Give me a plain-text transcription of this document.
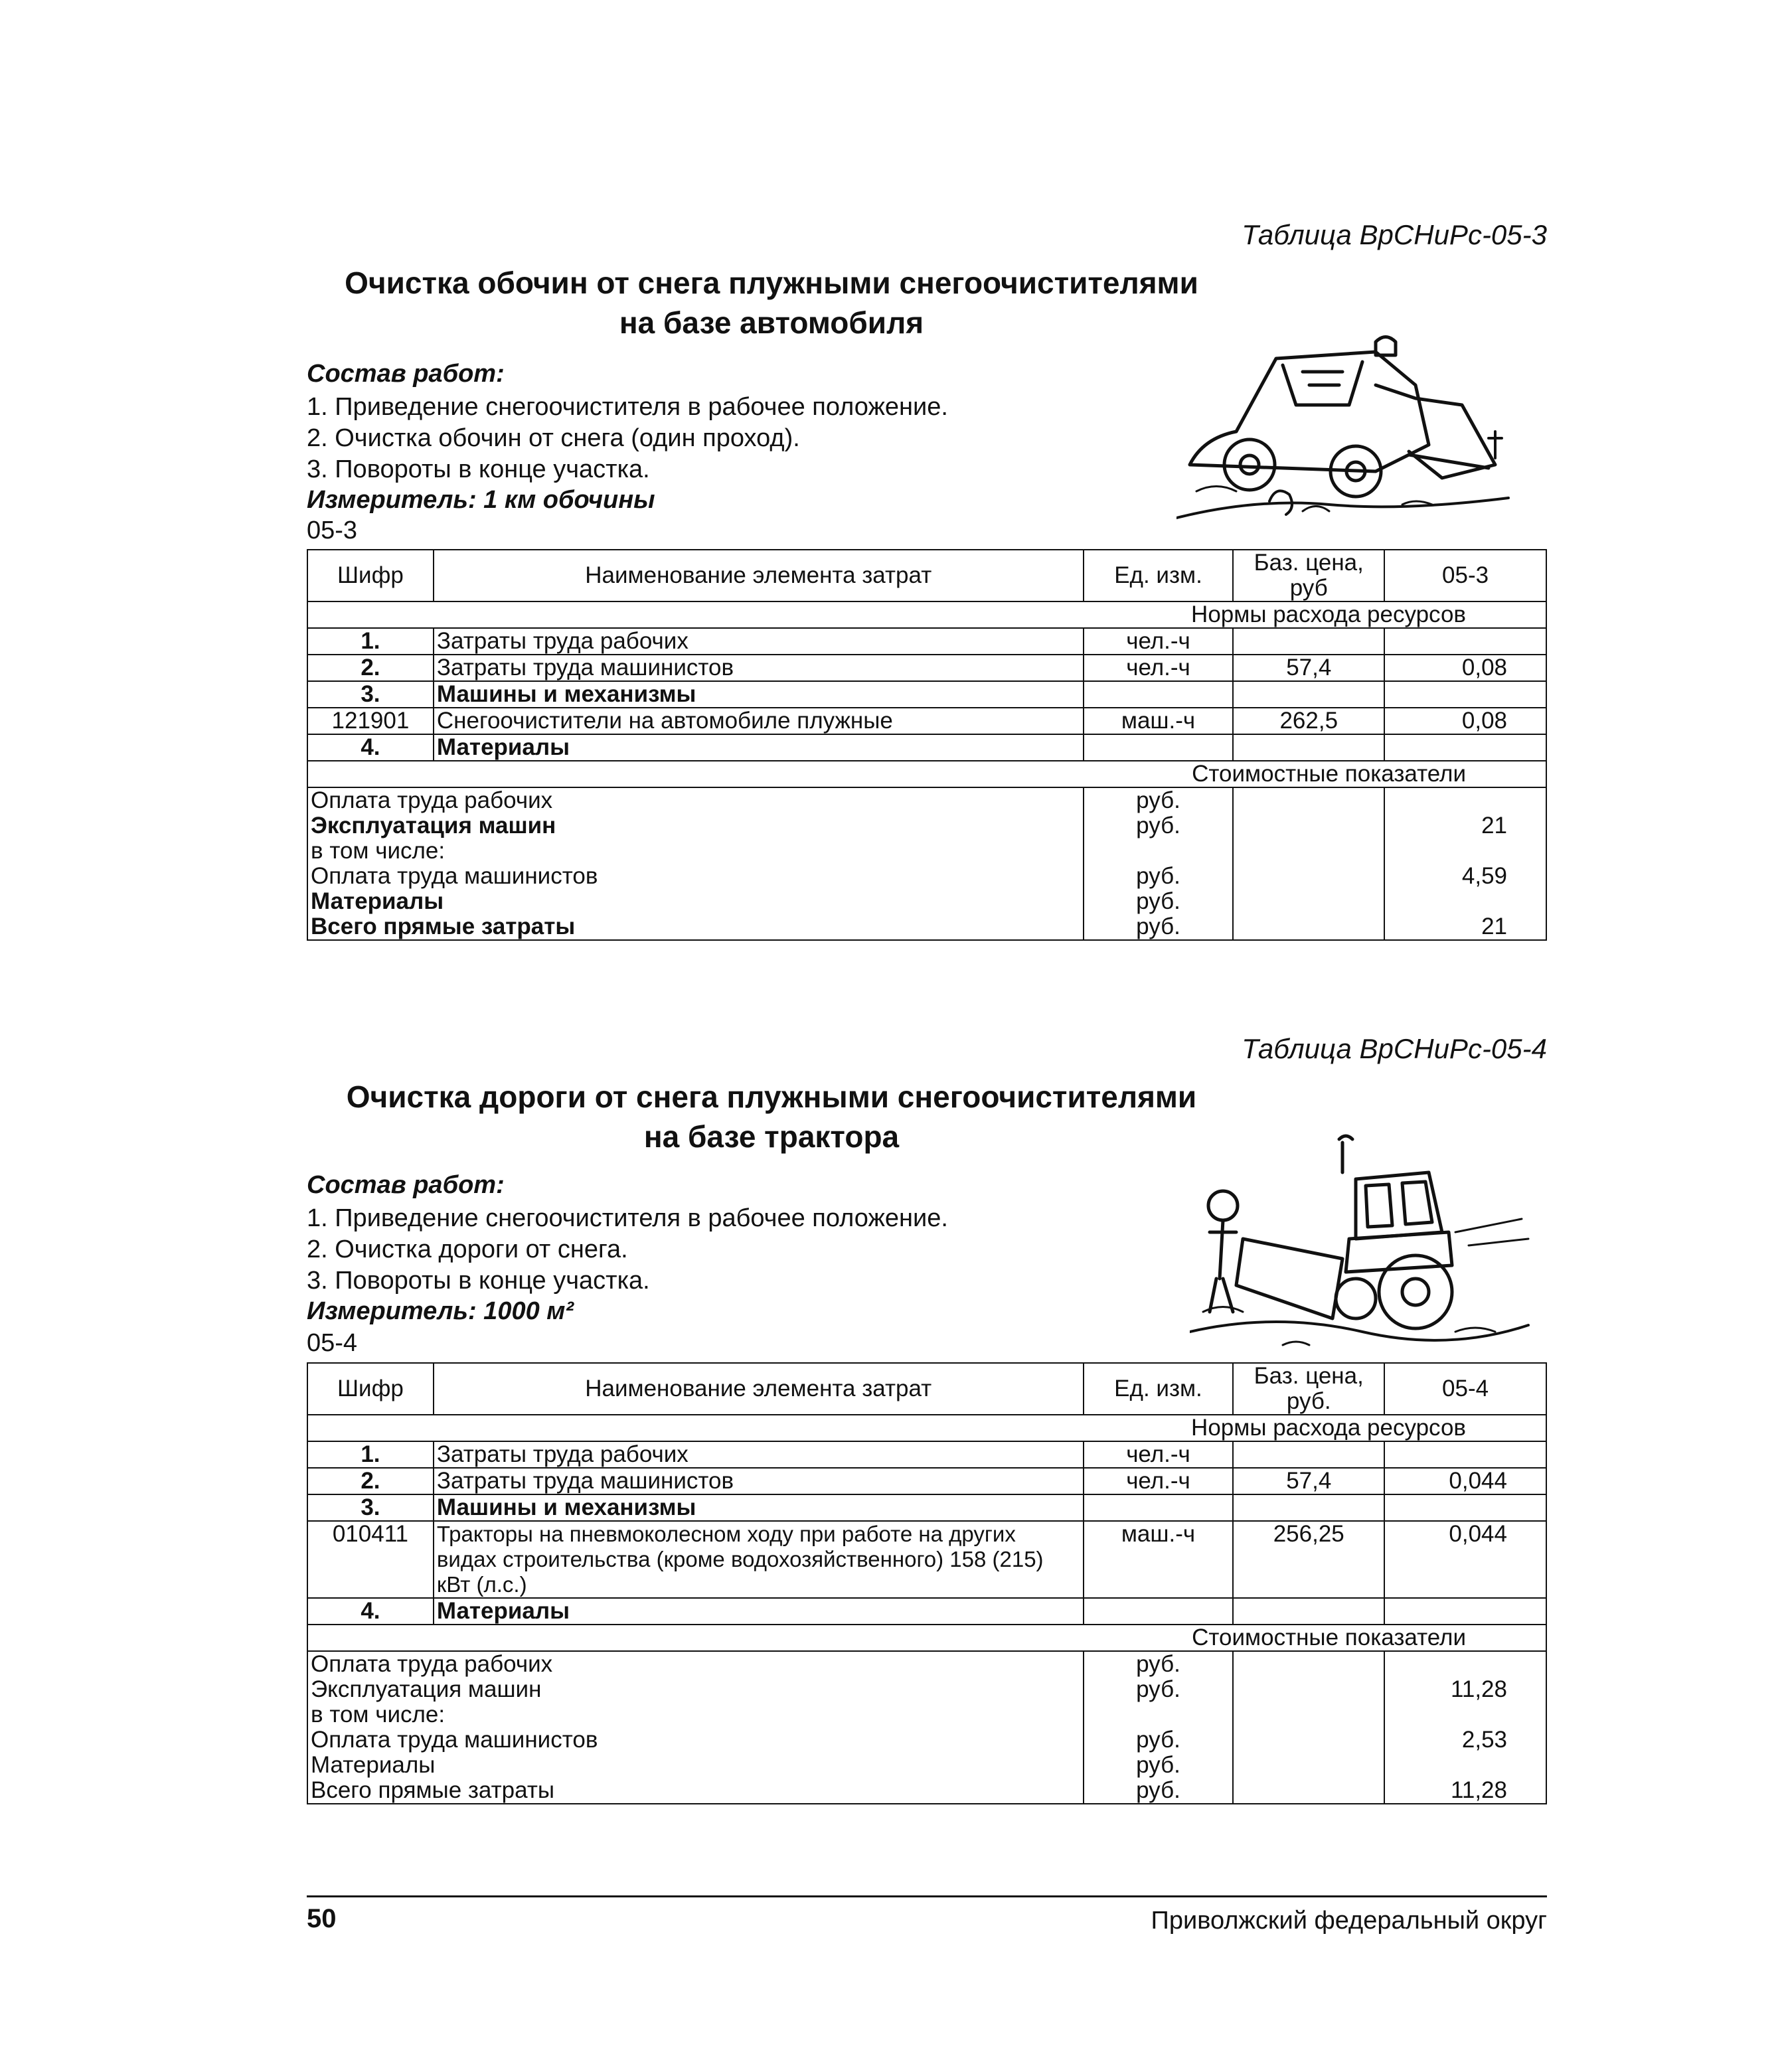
Таблица ВрСНиРс-05-3
Очистка обочин от снега плужными снегоочистителями
на базе автомобиля
Состав работ:
1. Приведение снегоочистителя в рабочее положение.
2. Очистка обочин от снега (один проход).
3. Повороты в конце участка.
Измеритель: 1 км обочины
05-3
Шифр	Наименование элемента затрат	Ед. изм.	Баз. цена, руб	05-3
Нормы расхода ресурсов				
1.	Затраты труда рабочих	чел.-ч		
2.	Затраты труда машинистов	чел.-ч	57,4	0,08
3.	Машины и механизмы			
121901	Снегоочистители на автомобиле плужные	маш.-ч	262,5	0,08
4.	Материалы			
Стоимостные показатели				
Оплата труда рабочих		руб.		
Эксплуатация машин		руб.		21
в том числе:				
Оплата труда машинистов		руб.		4,59
Материалы		руб.		
Всего прямые затраты		руб.		21
Таблица ВрСНиРс-05-4
Очистка дороги от снега плужными снегоочистителями
на базе трактора
Состав работ:
1. Приведение снегоочистителя в рабочее положение.
2. Очистка дороги от снега.
3. Повороты в конце участка.
Измеритель: 1000 м²
05-4
Шифр	Наименование элемента затрат	Ед. изм.	Баз. цена, руб.	05-4
Нормы расхода ресурсов				
1.	Затраты труда рабочих	чел.-ч		
2.	Затраты труда машинистов	чел.-ч	57,4	0,044
3.	Машины и механизмы			
010411	Тракторы на пневмоколесном ходу при работе на других видах строительства (кроме водохозяйственного) 158 (215) кВт (л.с.)	маш.-ч	256,25	0,044
4.	Материалы			
Стоимостные показатели				
Оплата труда рабочих		руб.		
Эксплуатация машин		руб.		11,28
в том числе:				
Оплата труда машинистов		руб.		2,53
Материалы		руб.		
Всего прямые затраты		руб.		11,28
50	Приволжский федеральный округ
